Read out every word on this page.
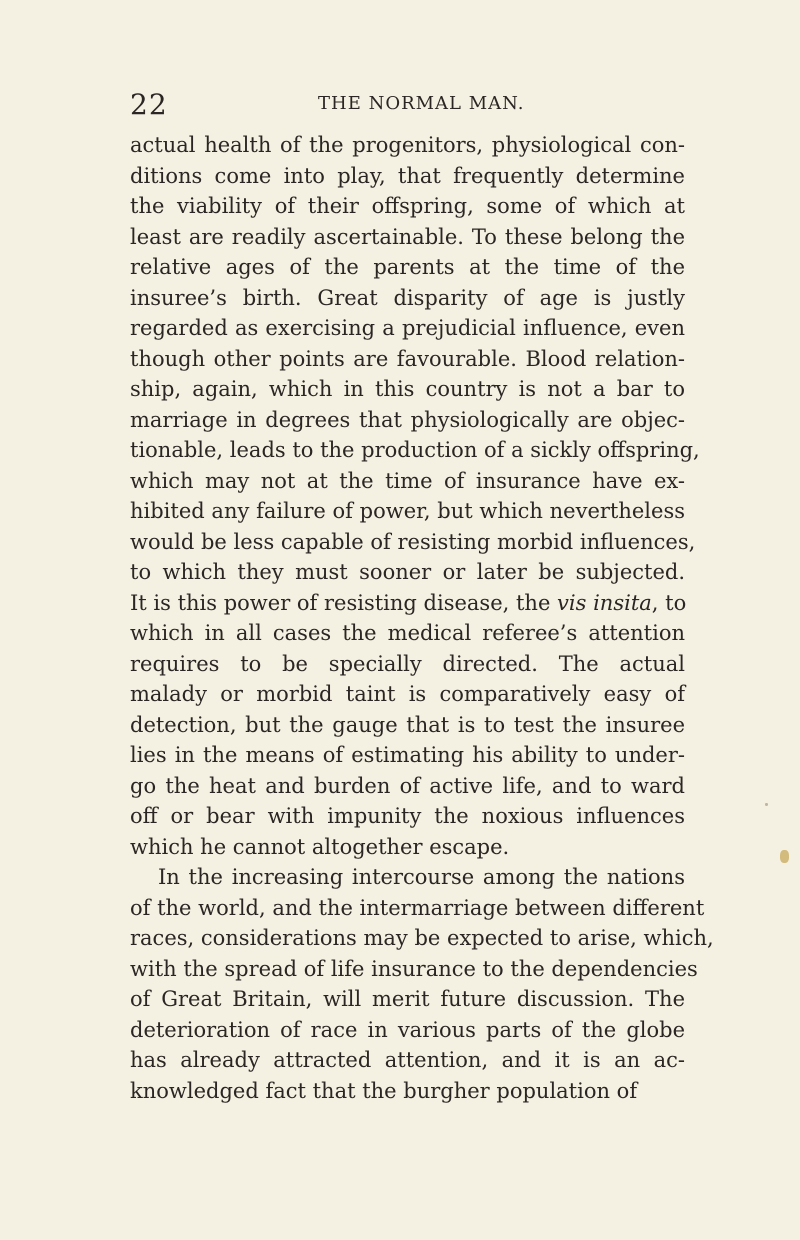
22	THE NORMAL MAN.
actual health of the progenitors, physiological con-
ditions come into play, that frequently determine
the viability of their offspring, some of which at
least are readily ascertainable. To these belong the
relative ages of the parents at the time of the
insuree’s birth. Great disparity of age is justly
regarded as exercising a prejudicial influence, even
though other points are favourable. Blood relation-
ship, again, which in this country is not a bar to
marriage in degrees that physiologically are objec-
tionable, leads to the production of a sickly offspring,
which may not at the time of insurance have ex-
hibited any failure of power, but which nevertheless
would be less capable of resisting morbid influences,
to which they must sooner or later be subjected.
It is this power of resisting disease, the vis insita, to
which in all cases the medical referee’s attention
requires to be specially directed. The actual
malady or morbid taint is comparatively easy of
detection, but the gauge that is to test the insuree
lies in the means of estimating his ability to under-
go the heat and burden of active life, and to ward
off or bear with impunity the noxious influences
which he cannot altogether escape.
In the increasing intercourse among the nations
of the world, and the intermarriage between different
races, considerations may be expected to arise, which,
with the spread of life insurance to the dependencies
of Great Britain, will merit future discussion. The
deterioration of race in various parts of the globe
has already attracted attention, and it is an ac-
knowledged fact that the burgher population of
